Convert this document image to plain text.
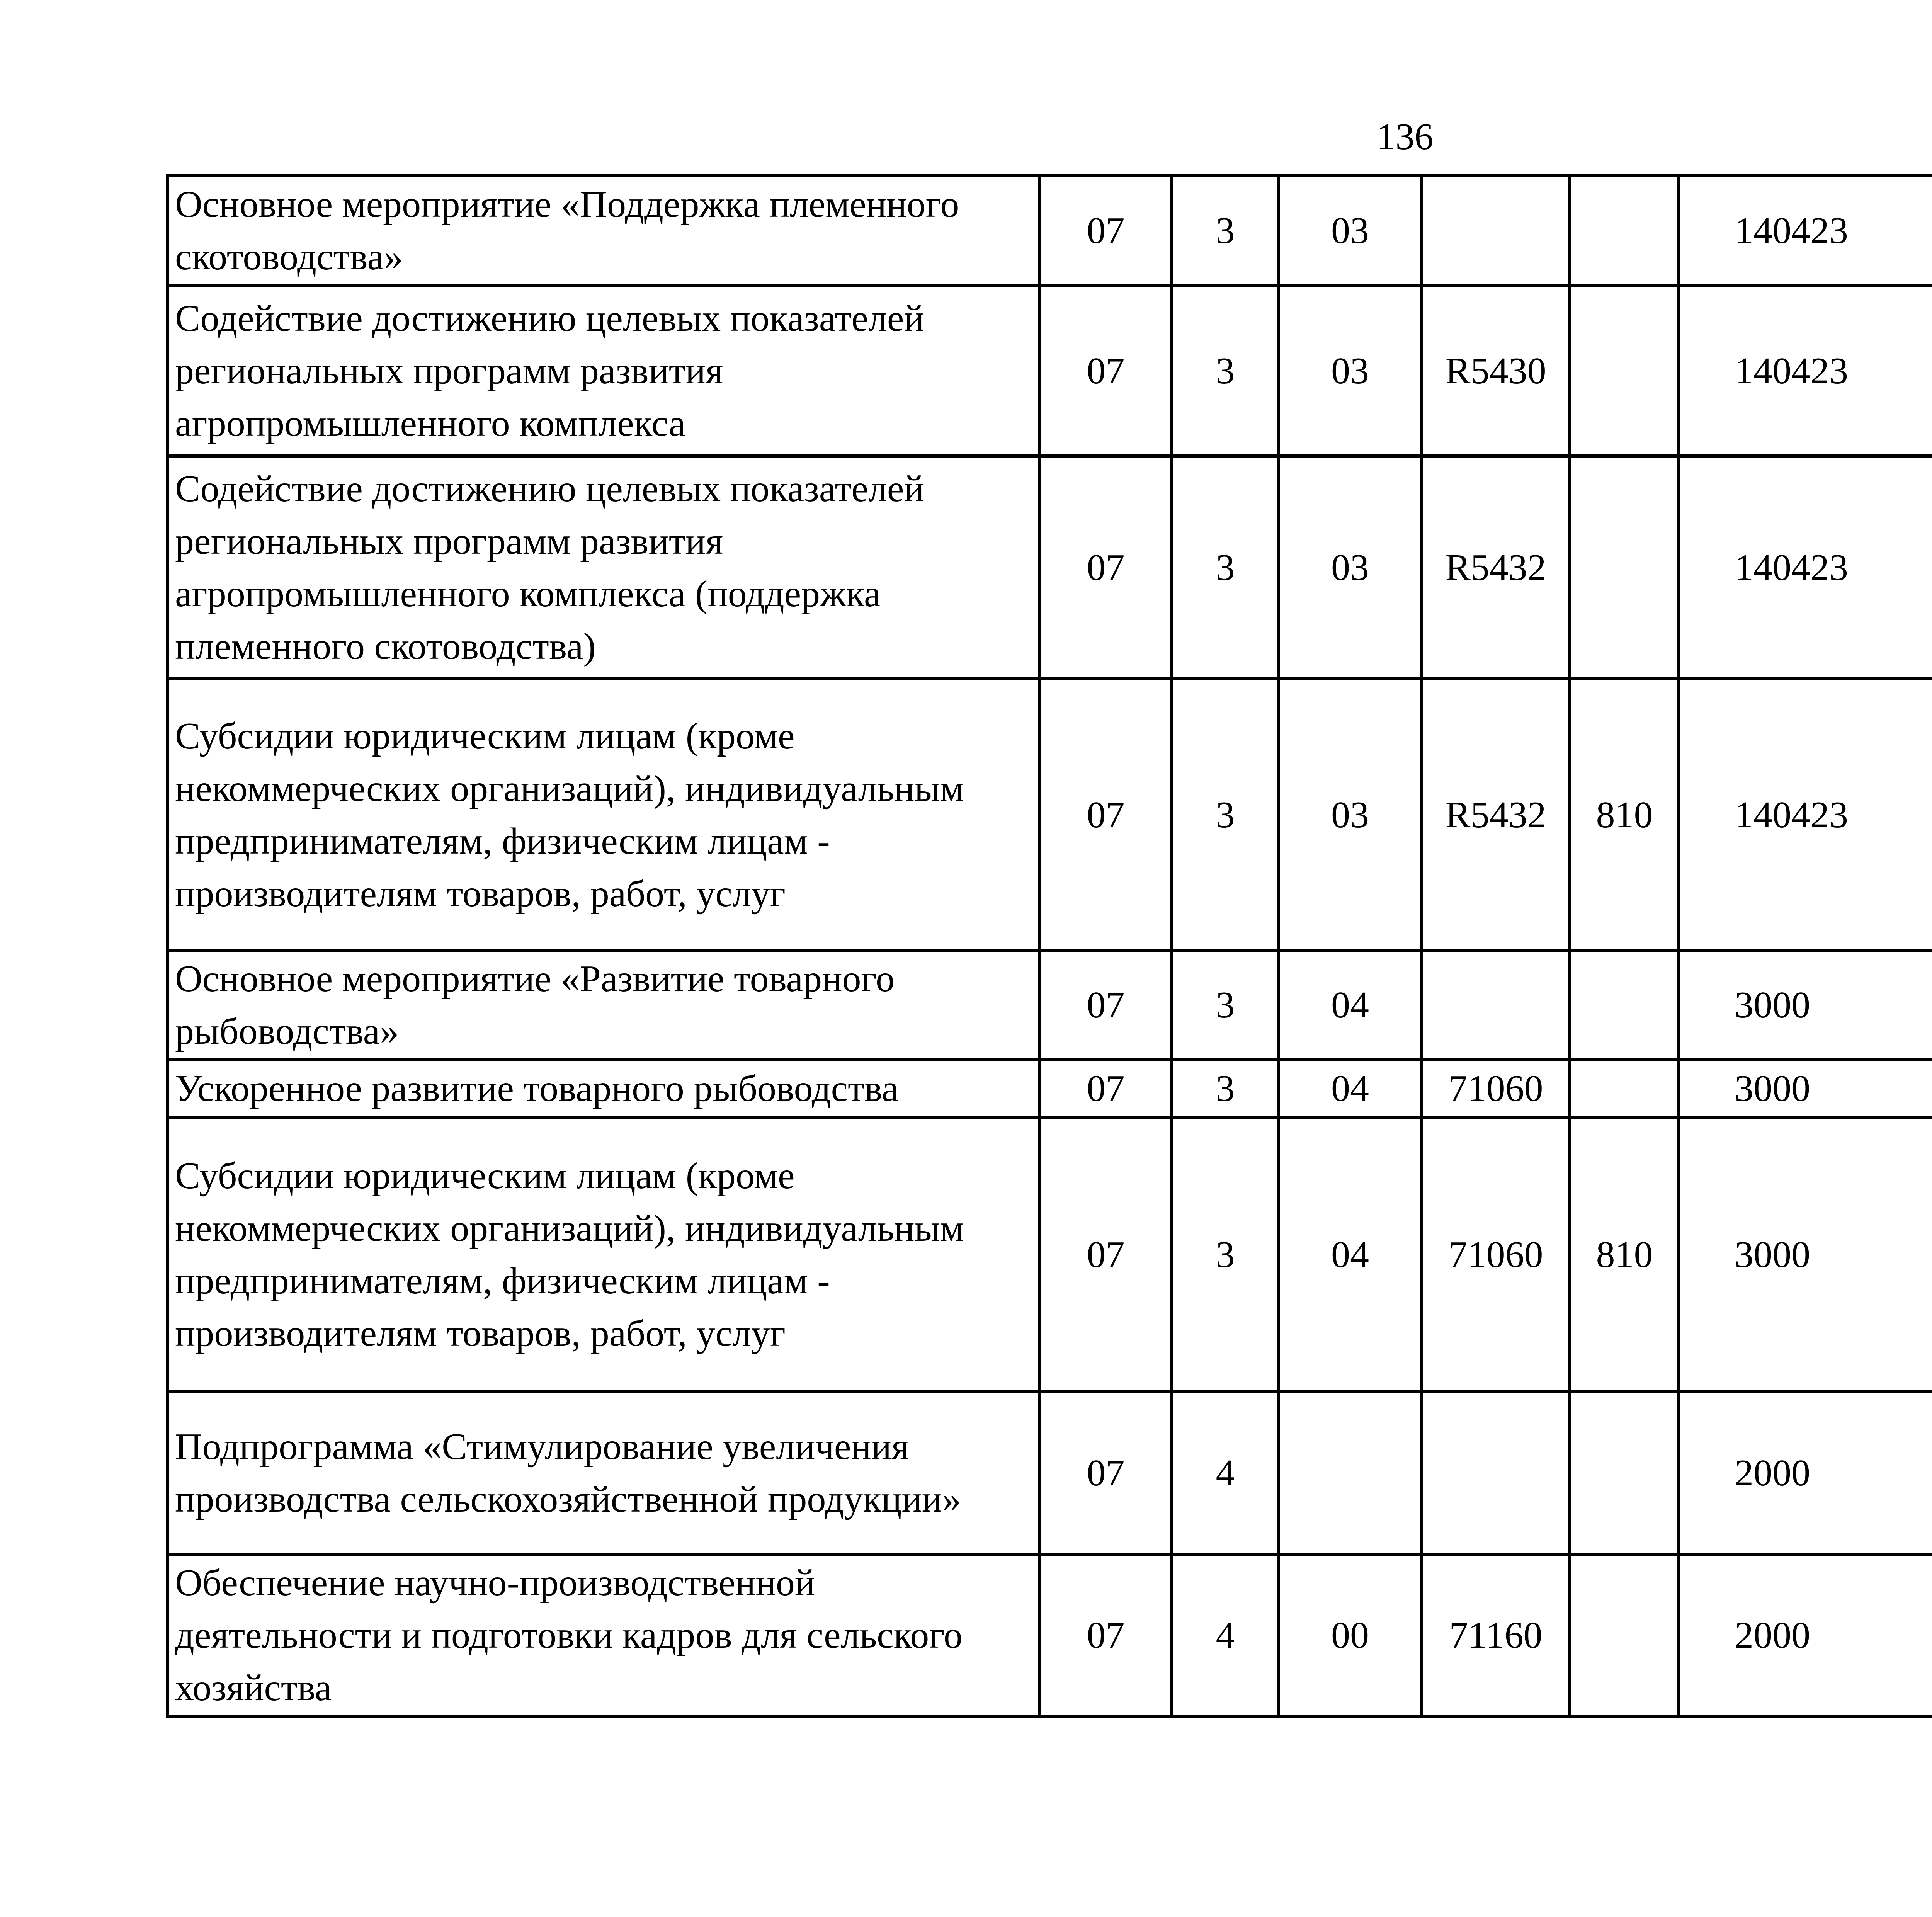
136
Основное мероприятие «Поддержка племенного скотоводства»	07	3	03			140423		
Содействие достижению целевых показателей региональных программ развития агропромышленного комплекса	07	3	03	R5430		140423		
Содействие достижению целевых показателей региональных программ развития агропромышленного комплекса (поддержка племенного скотоводства)	07	3	03	R5432		140423		
Субсидии юридическим лицам (кроме некоммерческих организаций), индивидуальным предпринимателям, физическим лицам - производителям товаров, работ, услуг	07	3	03	R5432	810	140423		
Основное мероприятие «Развитие товарного рыбоводства»	07	3	04			3000		
Ускоренное развитие товарного рыбоводства	07	3	04	71060		3000		
Субсидии юридическим лицам (кроме некоммерческих организаций), индивидуальным предпринимателям, физическим лицам - производителям товаров, работ, услуг	07	3	04	71060	810	3000		
Подпрограмма «Стимулирование увеличения производства сельскохозяйственной продукции»	07	4				2000		
Обеспечение научно-производственной деятельности и подготовки кадров для сельского хозяйства	07	4	00	71160		2000		
